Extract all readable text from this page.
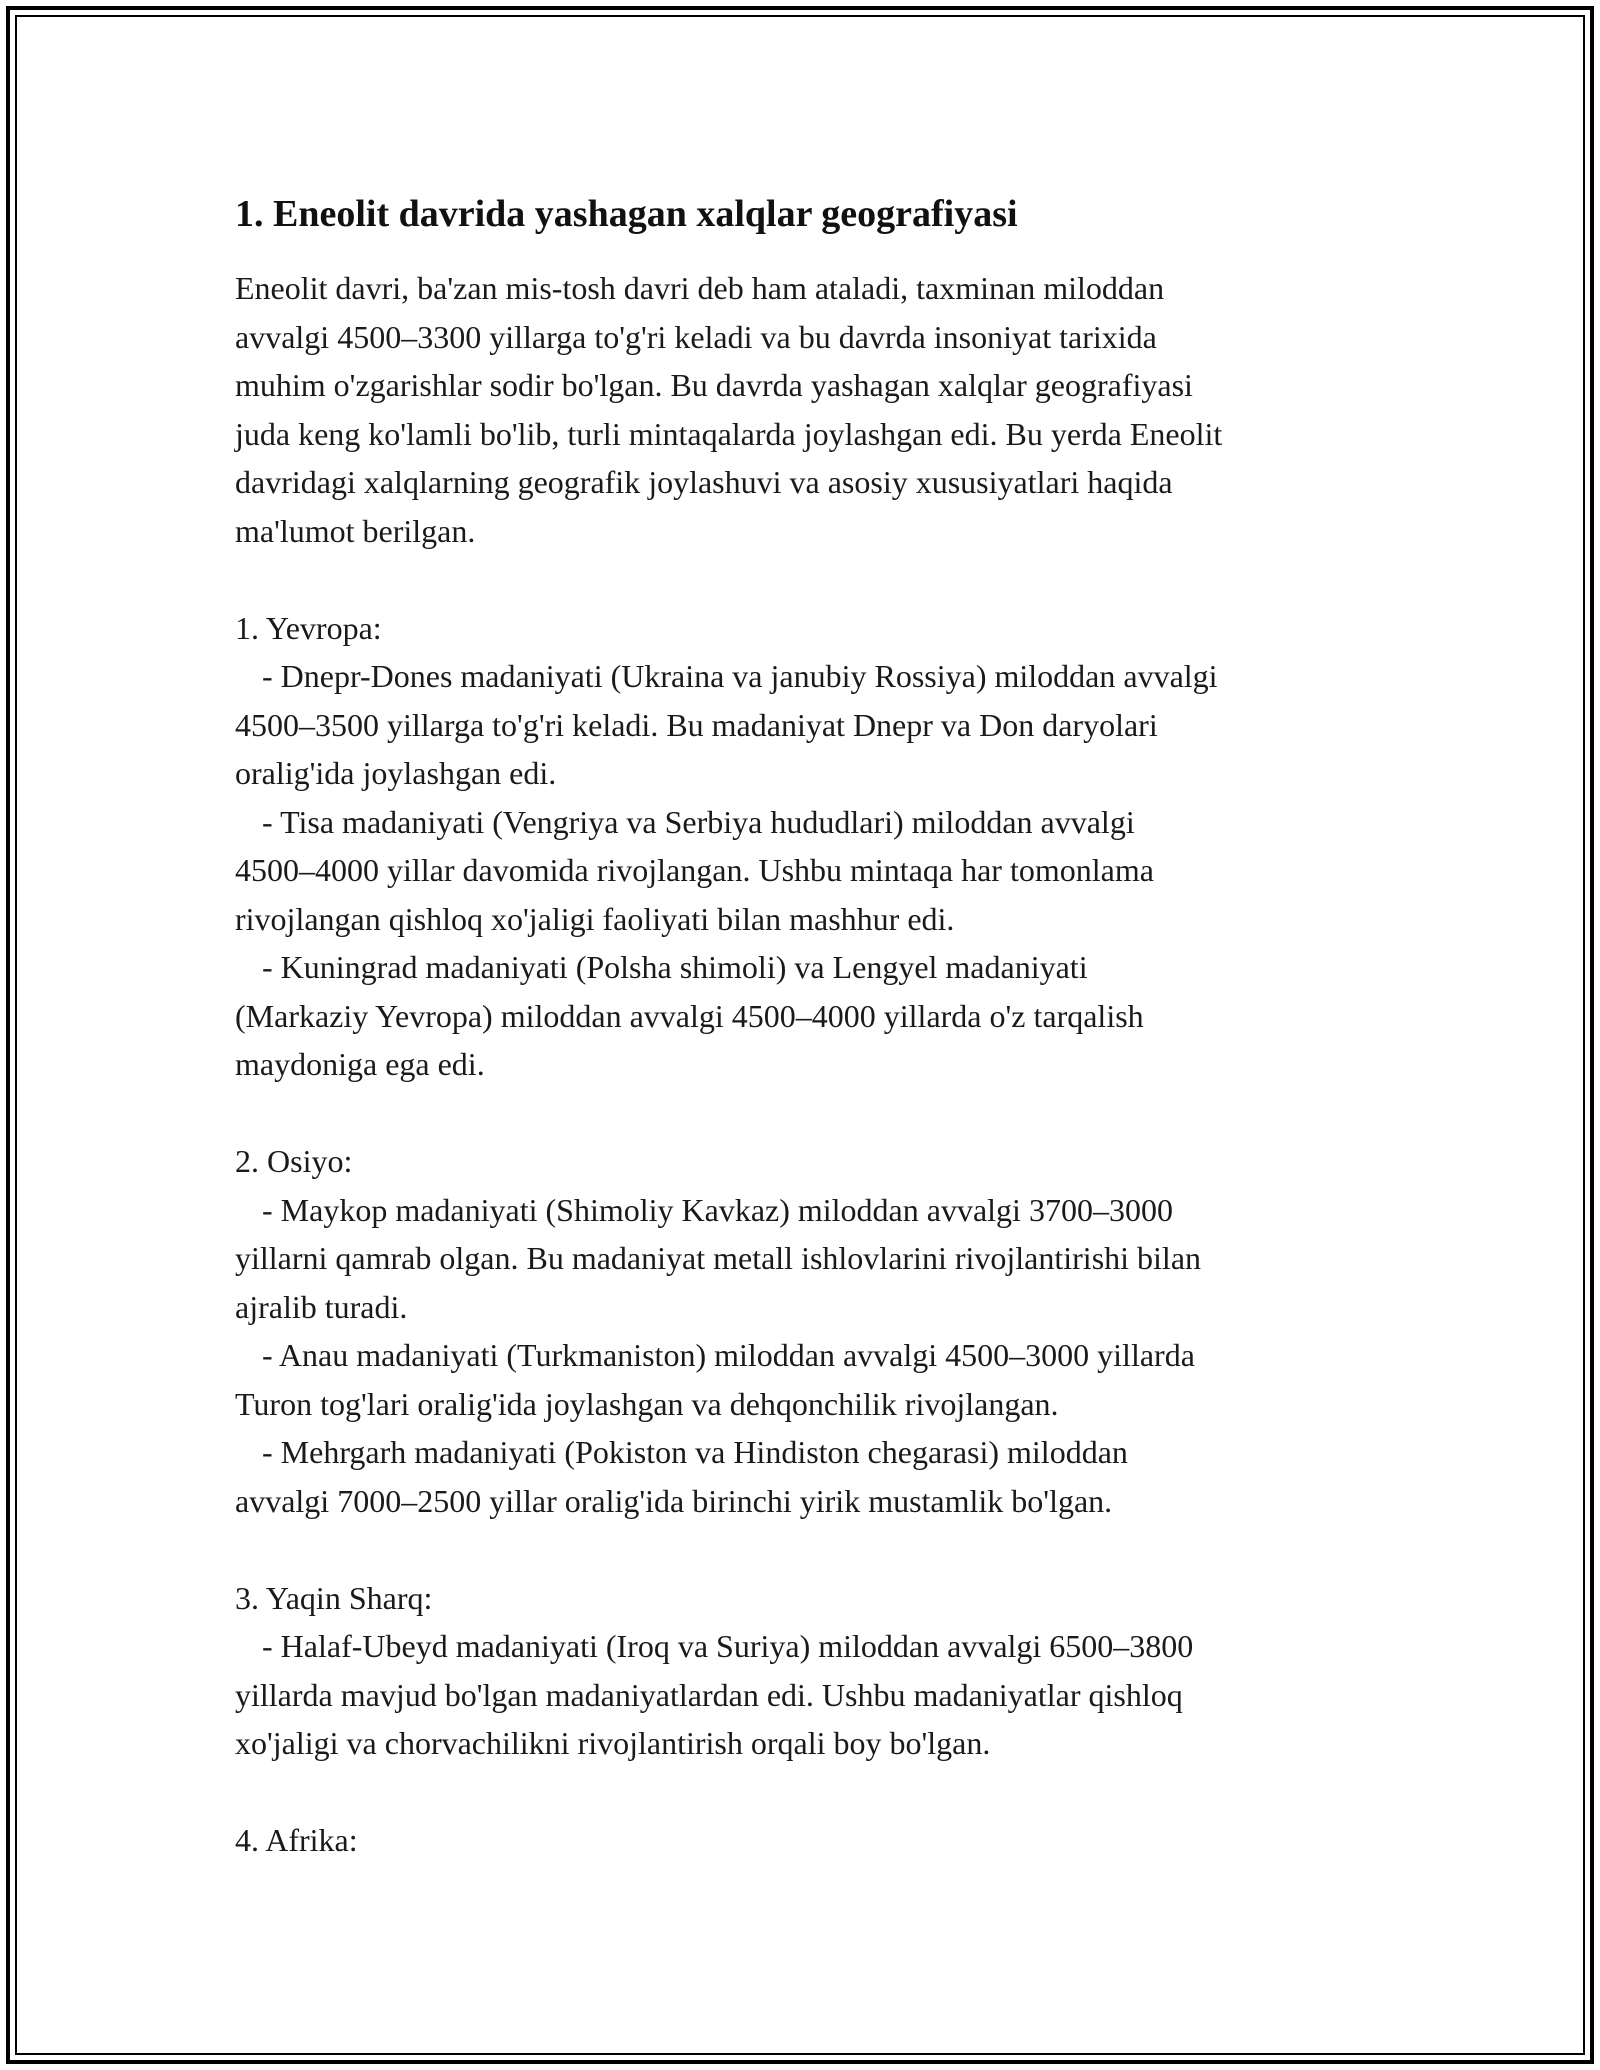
1. Eneolit davrida yashagan xalqlar geografiyasi
Eneolit davri, ba'zan mis-tosh davri deb ham ataladi, taxminan miloddan
avvalgi 4500–3300 yillarga to'g'ri keladi va bu davrda insoniyat tarixida
muhim o'zgarishlar sodir bo'lgan. Bu davrda yashagan xalqlar geografiyasi
juda keng ko'lamli bo'lib, turli mintaqalarda joylashgan edi. Bu yerda Eneolit
davridagi xalqlarning geografik joylashuvi va asosiy xususiyatlari haqida
ma'lumot berilgan.
1. Yevropa:
- Dnepr-Dones madaniyati (Ukraina va janubiy Rossiya) miloddan avvalgi
4500–3500 yillarga to'g'ri keladi. Bu madaniyat Dnepr va Don daryolari
oralig'ida joylashgan edi.
- Tisa madaniyati (Vengriya va Serbiya hududlari) miloddan avvalgi
4500–4000 yillar davomida rivojlangan. Ushbu mintaqa har tomonlama
rivojlangan qishloq xo'jaligi faoliyati bilan mashhur edi.
- Kuningrad madaniyati (Polsha shimoli) va Lengyel madaniyati
(Markaziy Yevropa) miloddan avvalgi 4500–4000 yillarda o'z tarqalish
maydoniga ega edi.
2. Osiyo:
- Maykop madaniyati (Shimoliy Kavkaz) miloddan avvalgi 3700–3000
yillarni qamrab olgan. Bu madaniyat metall ishlovlarini rivojlantirishi bilan
ajralib turadi.
- Anau madaniyati (Turkmaniston) miloddan avvalgi 4500–3000 yillarda
Turon tog'lari oralig'ida joylashgan va dehqonchilik rivojlangan.
- Mehrgarh madaniyati (Pokiston va Hindiston chegarasi) miloddan
avvalgi 7000–2500 yillar oralig'ida birinchi yirik mustamlik bo'lgan.
3. Yaqin Sharq:
- Halaf-Ubeyd madaniyati (Iroq va Suriya) miloddan avvalgi 6500–3800
yillarda mavjud bo'lgan madaniyatlardan edi. Ushbu madaniyatlar qishloq
xo'jaligi va chorvachilikni rivojlantirish orqali boy bo'lgan.
4. Afrika:
